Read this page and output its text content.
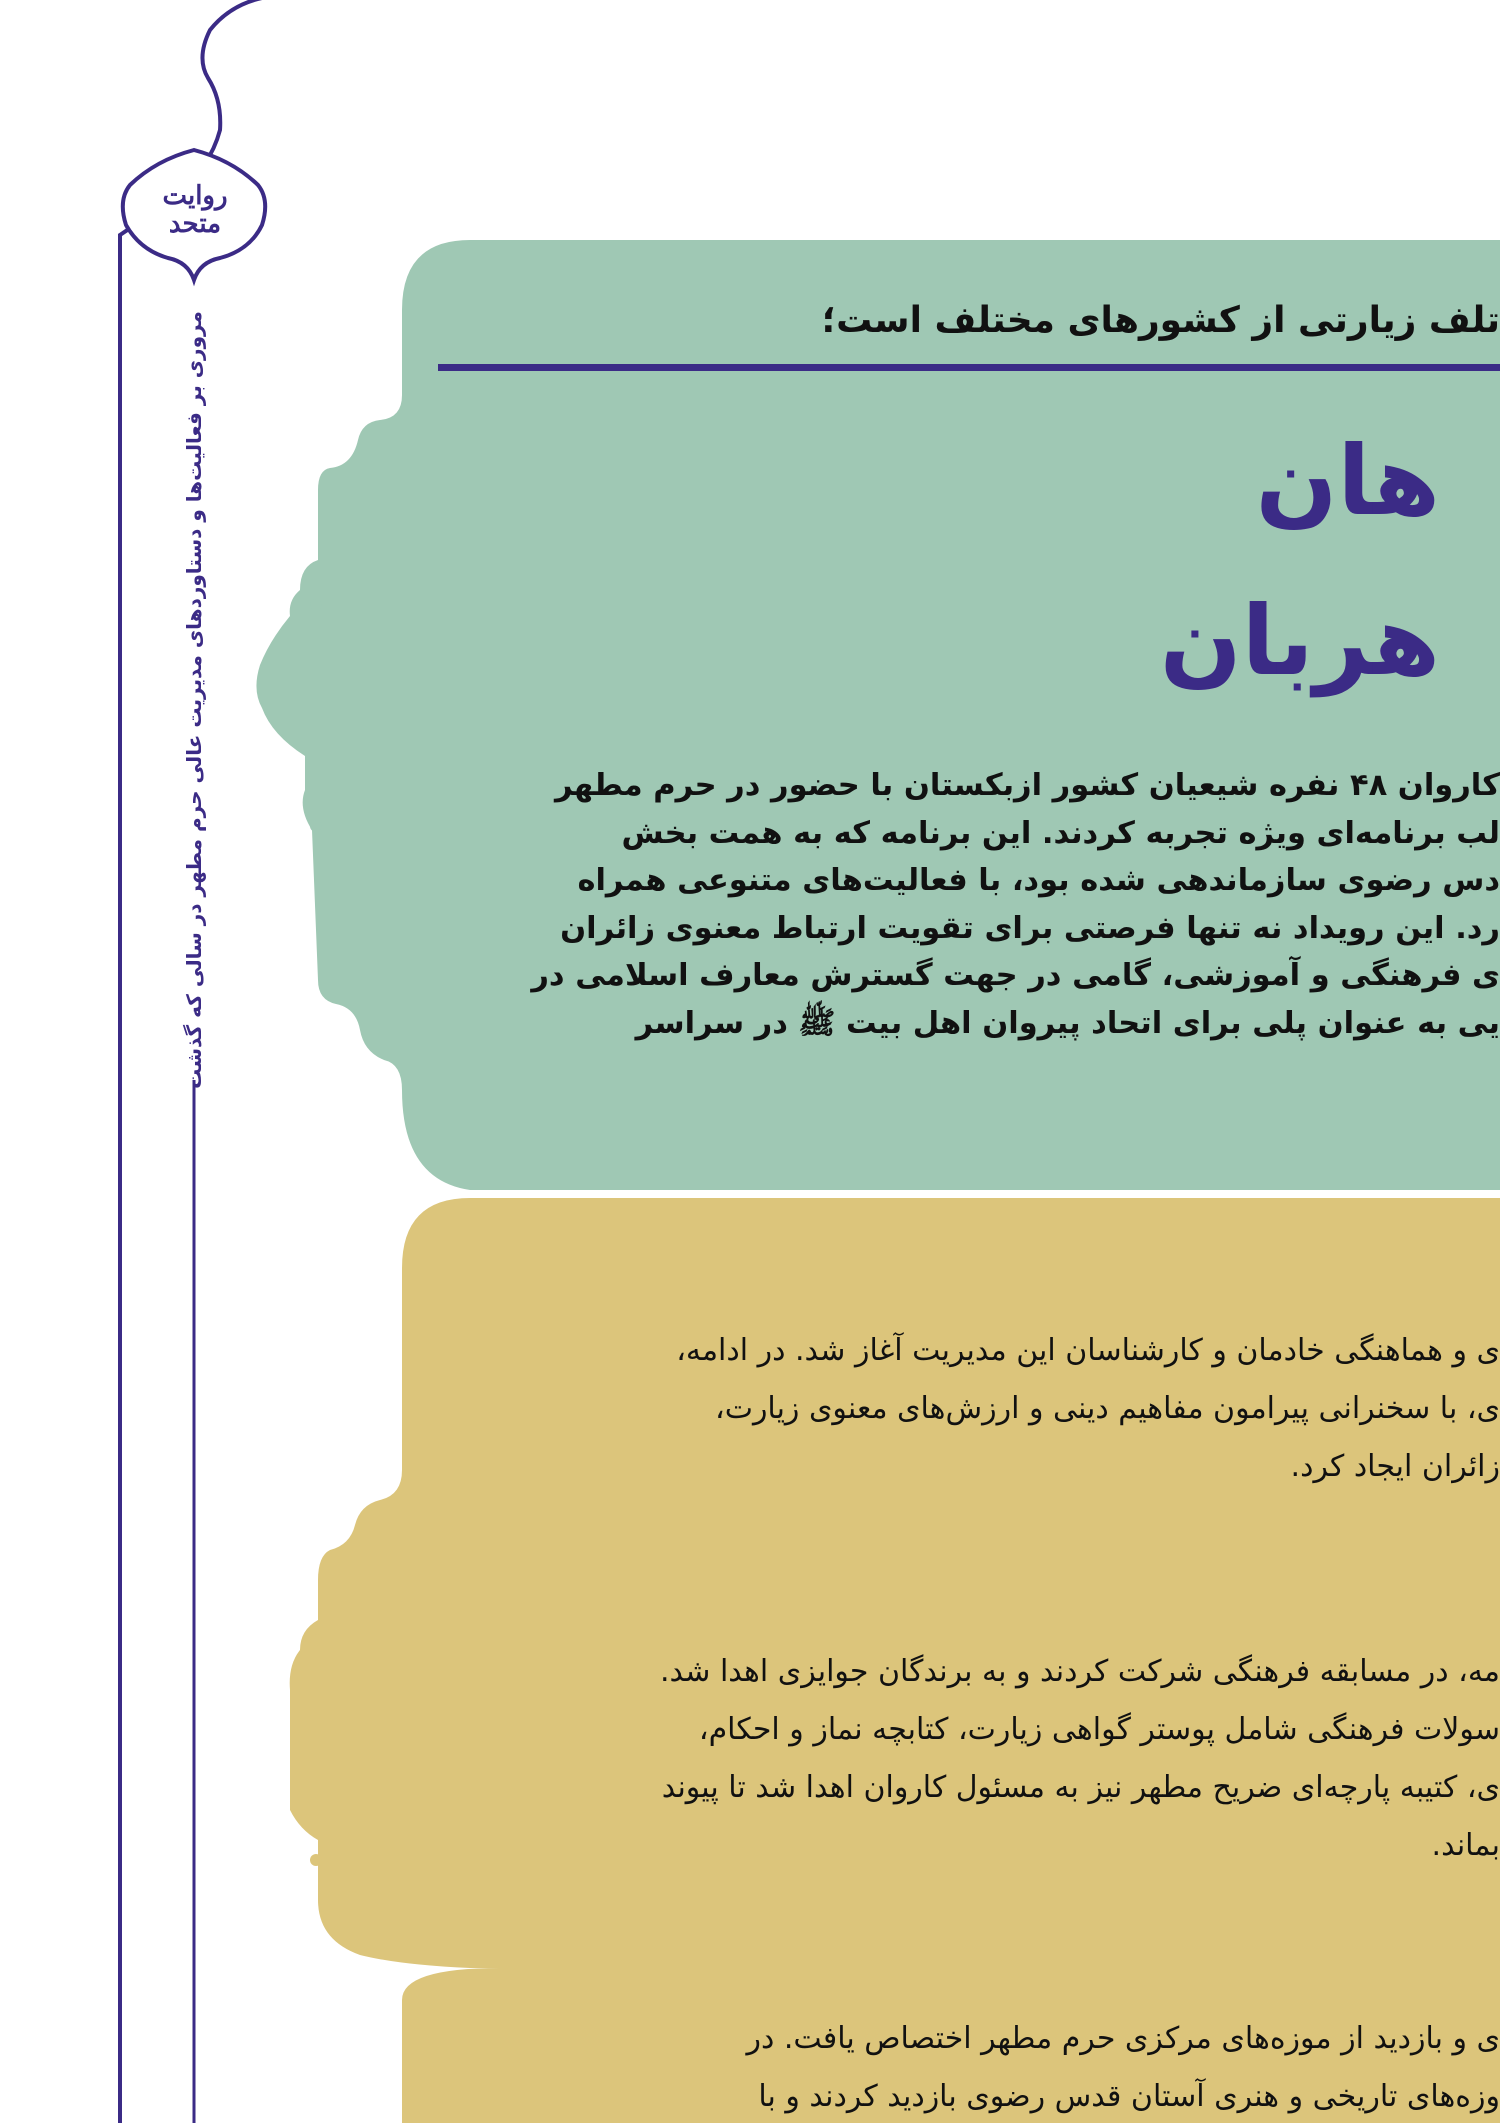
روایت متحد
مروری بر فعالیت‌ها و دستاوردهای مدیریت عالی حرم مطهر در سالی که گذشت	تلف زیارتی از کشورهای مختلف است؛
هان
هربان
کاروان ۴۸ نفره شیعیان کشور ازبکستان با حضور در حرم مطهر
لب برنامه‌ای ویژه تجربه کردند. این برنامه که به همت بخش
دس رضوی سازماندهی شده بود، با فعالیت‌های متنوعی همراه
رد. این رویداد نه تنها فرصتی برای تقویت ارتباط معنوی زائران
ی فرهنگی و آموزشی، گامی در جهت گسترش معارف اسلامی در
یی به عنوان پلی برای اتحاد پیروان اهل بیت ﷺ در سراسر
ی و هماهنگی خادمان و کارشناسان این مدیریت آغاز شد. در ادامه،
ی، با سخنرانی پیرامون مفاهیم دینی و ارزش‌های معنوی زیارت،
زائران ایجاد کرد.
مه، در مسابقه فرهنگی شرکت کردند و به برندگان جوایزی اهدا شد.
سولات فرهنگی شامل پوستر گواهی زیارت، کتابچه نماز و احکام،
ی، کتیبه پارچه‌ای ضریح مطهر نیز به مسئول کاروان اهدا شد تا پیوند
بماند.
ی و بازدید از موزه‌های مرکزی حرم مطهر اختصاص یافت. در
وزه‌های تاریخی و هنری آستان قدس رضوی بازدید کردند و با
